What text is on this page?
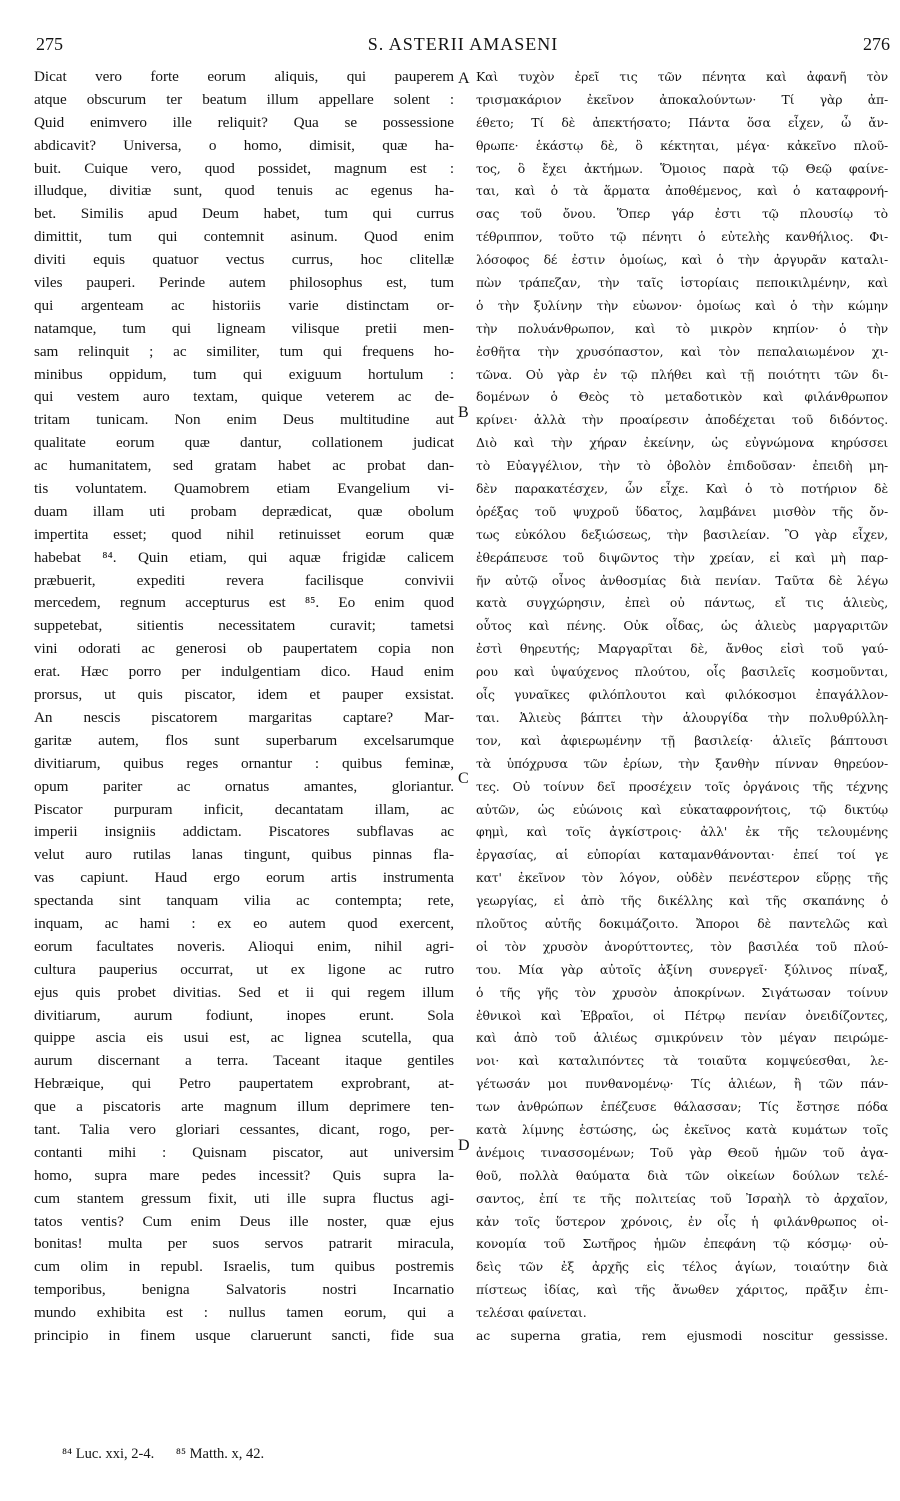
275	S. ASTERII AMASENI	276
Dicat vero forte eorum aliquis, qui pauperem
atque obscurum ter beatum illum appellare solent :
Quid enimvero ille reliquit? Qua se possessione
abdicavit? Universa, o homo, dimisit, quæ ha-
buit. Cuique vero, quod possidet, magnum est :
illudque, divitiæ sunt, quod tenuis ac egenus ha-
bet. Similis apud Deum habet, tum qui currus
dimittit, tum qui contemnit asinum. Quod enim
diviti equis quatuor vectus currus, hoc clitellæ
viles pauperi. Perinde autem philosophus est, tum
qui argenteam ac historiis varie distinctam or-
natamque, tum qui ligneam vilisque pretii men-
sam relinquit ; ac similiter, tum qui frequens ho-
minibus oppidum, tum qui exiguum hortulum :
qui vestem auro textam, quique veterem ac de-
tritam tunicam. Non enim Deus multitudine aut
qualitate eorum quæ dantur, collationem judicat
ac humanitatem, sed gratam habet ac probat dan-
tis voluntatem. Quamobrem etiam Evangelium vi-
duam illam uti probam deprædicat, quæ obolum
impertita esset; quod nihil retinuisset eorum quæ
habebat ⁸⁴. Quin etiam, qui aquæ frigidæ calicem
præbuerit, expediti revera facilisque convivii
mercedem, regnum accepturus est ⁸⁵. Eo enim quod
suppetebat, sitientis necessitatem curavit; tametsi
vini odorati ac generosi ob paupertatem copia non
erat. Hæc porro per indulgentiam dico. Haud enim
prorsus, ut quis piscator, idem et pauper exsistat.
An nescis piscatorem margaritas captare? Mar-
garitæ autem, flos sunt superbarum excelsarumque
divitiarum, quibus reges ornantur : quibus feminæ,
opum pariter ac ornatus amantes, gloriantur.
Piscator purpuram inficit, decantatam illam, ac
imperii insigniis addictam. Piscatores subflavas ac
velut auro rutilas lanas tingunt, quibus pinnas fla-
vas capiunt. Haud ergo eorum artis instrumenta
spectanda sint tanquam vilia ac contempta; rete,
inquam, ac hami : ex eo autem quod exercent,
eorum facultates noveris. Alioqui enim, nihil agri-
cultura pauperius occurrat, ut ex ligone ac rutro
ejus quis probet divitias. Sed et ii qui regem illum
divitiarum, aurum fodiunt, inopes erunt. Sola
quippe ascia eis usui est, ac lignea scutella, qua
aurum discernant a terra. Taceant itaque gentiles
Hebræique, qui Petro paupertatem exprobrant, at-
que a piscatoris arte magnum illum deprimere ten-
tant. Talia vero gloriari cessantes, dicant, rogo, per-
contanti mihi : Quisnam piscator, aut universim
homo, supra mare pedes incessit? Quis supra la-
cum stantem gressum fixit, uti ille supra fluctus agi-
tatos ventis? Cum enim Deus ille noster, quæ ejus
bonitas! multa per suos servos patrarit miracula,
cum olim in republ. Israelis, tum quibus postremis
temporibus, benigna Salvatoris nostri Incarnatio
mundo exhibita est : nullus tamen eorum, qui a
principio in finem usque claruerunt sancti, fide sua
A
B
C
D
Καὶ τυχὸν ἐρεῖ τις τῶν πένητα καὶ ἀφανῆ τὸν
τρισμακάριον ἐκεῖνον ἀποκαλούντων· Τί γὰρ ἀπ-
έθετο; Τί δὲ ἀπεκτήσατο; Πάντα ὅσα εἶχεν, ὦ ἄν-
θρωπε· ἑκάστῳ δὲ, ὃ κέκτηται, μέγα· κἀκεῖνο πλοῦ-
τος, ὃ ἔχει ἀκτήμων. Ὅμοιος παρὰ τῷ Θεῷ φαίνε-
ται, καὶ ὁ τὰ ἅρματα ἀποθέμενος, καὶ ὁ καταφρονή-
σας τοῦ ὄνου. Ὅπερ γάρ ἐστι τῷ πλουσίῳ τὸ
τέθριππον, τοῦτο τῷ πένητι ὁ εὐτελὴς κανθήλιος. Φι-
λόσοφος δέ ἐστιν ὁμοίως, καὶ ὁ τὴν ἀργυρᾶν καταλι-
πὼν τράπεζαν, τὴν ταῖς ἱστορίαις πεποικιλμένην, καὶ
ὁ τὴν ξυλίνην τὴν εὐωνον· ὁμοίως καὶ ὁ τὴν κώμην
τὴν πολυάνθρωπον, καὶ τὸ μικρὸν κηπίον· ὁ τὴν
ἐσθῆτα τὴν χρυσόπαστον, καὶ τὸν πεπαλαιωμένον χι-
τῶνα. Οὐ γὰρ ἐν τῷ πλήθει καὶ τῇ ποιότητι τῶν δι-
δομένων ὁ Θεὸς τὸ μεταδοτικὸν καὶ φιλάνθρωπον
κρίνει· ἀλλὰ τὴν προαίρεσιν ἀποδέχεται τοῦ διδόντος.
Διὸ καὶ τὴν χήραν ἐκείνην, ὡς εὐγνώμονα κηρύσσει
τὸ Εὐαγγέλιον, τὴν τὸ ὀβολὸν ἐπιδοῦσαν· ἐπειδὴ μη-
δὲν παρακατέσχεν, ὧν εἶχε. Καὶ ὁ τὸ ποτήριον δὲ
ὀρέξας τοῦ ψυχροῦ ὕδατος, λαμβάνει μισθὸν τῆς ὄν-
τως εὐκόλου δεξιώσεως, τὴν βασιλείαν. Ὃ γὰρ εἶχεν,
ἐθεράπευσε τοῦ διψῶντος τὴν χρείαν, εἰ καὶ μὴ παρ-
ῆν αὐτῷ οἶνος ἀνθοσμίας διὰ πενίαν. Ταῦτα δὲ λέγω
κατὰ συγχώρησιν, ἐπεὶ οὐ πάντως, εἴ τις ἁλιεὺς,
οὗτος καὶ πένης. Οὐκ οἶδας, ὡς ἁλιεὺς μαργαριτῶν
ἐστὶ θηρευτής; Μαργαρῖται δὲ, ἄνθος εἰσὶ τοῦ γαύ-
ρου καὶ ὑψαύχενος πλούτου, οἷς βασιλεῖς κοσμοῦνται,
οἷς γυναῖκες φιλόπλουτοι καὶ φιλόκοσμοι ἐπαγάλλον-
ται. Ἁλιεὺς βάπτει τὴν ἁλουργίδα τὴν πολυθρύλλη-
τον, καὶ ἀφιερωμένην τῇ βασιλείᾳ· ἁλιεῖς βάπτουσι
τὰ ὑπόχρυσα τῶν ἐρίων, τὴν ξανθὴν πίνναν θηρεύον-
τες. Οὐ τοίνυν δεῖ προσέχειν τοῖς ὀργάνοις τῆς τέχνης
αὐτῶν, ὡς εὐώνοις καὶ εὐκαταφρονήτοις, τῷ δικτύῳ
φημὶ, καὶ τοῖς ἀγκίστροις· ἀλλ' ἐκ τῆς τελουμένης
ἐργασίας, αἱ εὐπορίαι καταμανθάνονται· ἐπεί τοί γε
κατ' ἐκεῖνον τὸν λόγον, οὐδὲν πενέστερον εὕρῃς τῆς
γεωργίας, εἰ ἀπὸ τῆς δικέλλης καὶ τῆς σκαπάνης ὁ
πλοῦτος αὐτῆς δοκιμάζοιτο. Ἄποροι δὲ παντελῶς καὶ
οἱ τὸν χρυσὸν ἀνορύττοντες, τὸν βασιλέα τοῦ πλού-
του. Μία γὰρ αὐτοῖς ἀξίνη συνεργεῖ· ξύλινος πίναξ,
ὁ τῆς γῆς τὸν χρυσὸν ἀποκρίνων. Σιγάτωσαν τοίνυν
ἐθνικοὶ καὶ Ἑβραῖοι, οἱ Πέτρῳ πενίαν ὀνειδίζοντες,
καὶ ἀπὸ τοῦ ἁλιέως σμικρύνειν τὸν μέγαν πειρώμε-
νοι· καὶ καταλιπόντες τὰ τοιαῦτα κομψεύεσθαι, λε-
γέτωσάν μοι πυνθανομένῳ· Τίς ἁλιέων, ἢ τῶν πάν-
των ἀνθρώπων ἐπέζευσε θάλασσαν; Τίς ἔστησε πόδα
κατὰ λίμνης ἑστώσης, ὡς ἐκεῖνος κατὰ κυμάτων τοῖς
ἀνέμοις τινασσομένων; Τοῦ γὰρ Θεοῦ ἡμῶν τοῦ ἀγα-
θοῦ, πολλὰ θαύματα διὰ τῶν οἰκείων δούλων τελέ-
σαντος, ἐπί τε τῆς πολιτείας τοῦ Ἰσραὴλ τὸ ἀρχαῖον,
κἀν τοῖς ὕστερον χρόνοις, ἐν οἷς ἡ φιλάνθρωπος οἰ-
κονομία τοῦ Σωτῆρος ἡμῶν ἐπεφάνη τῷ κόσμῳ· οὐ-
δεὶς τῶν ἐξ ἀρχῆς εἰς τέλος ἁγίων, τοιαύτην διὰ
πίστεως ἰδίας, καὶ τῆς ἄνωθεν χάριτος, πρᾶξιν ἐπι-
τελέσαι φαίνεται.
ac superna gratia, rem ejusmodi noscitur gessisse.
⁸⁴ Luc. xxi, 2-4. ⁸⁵ Matth. x, 42.
